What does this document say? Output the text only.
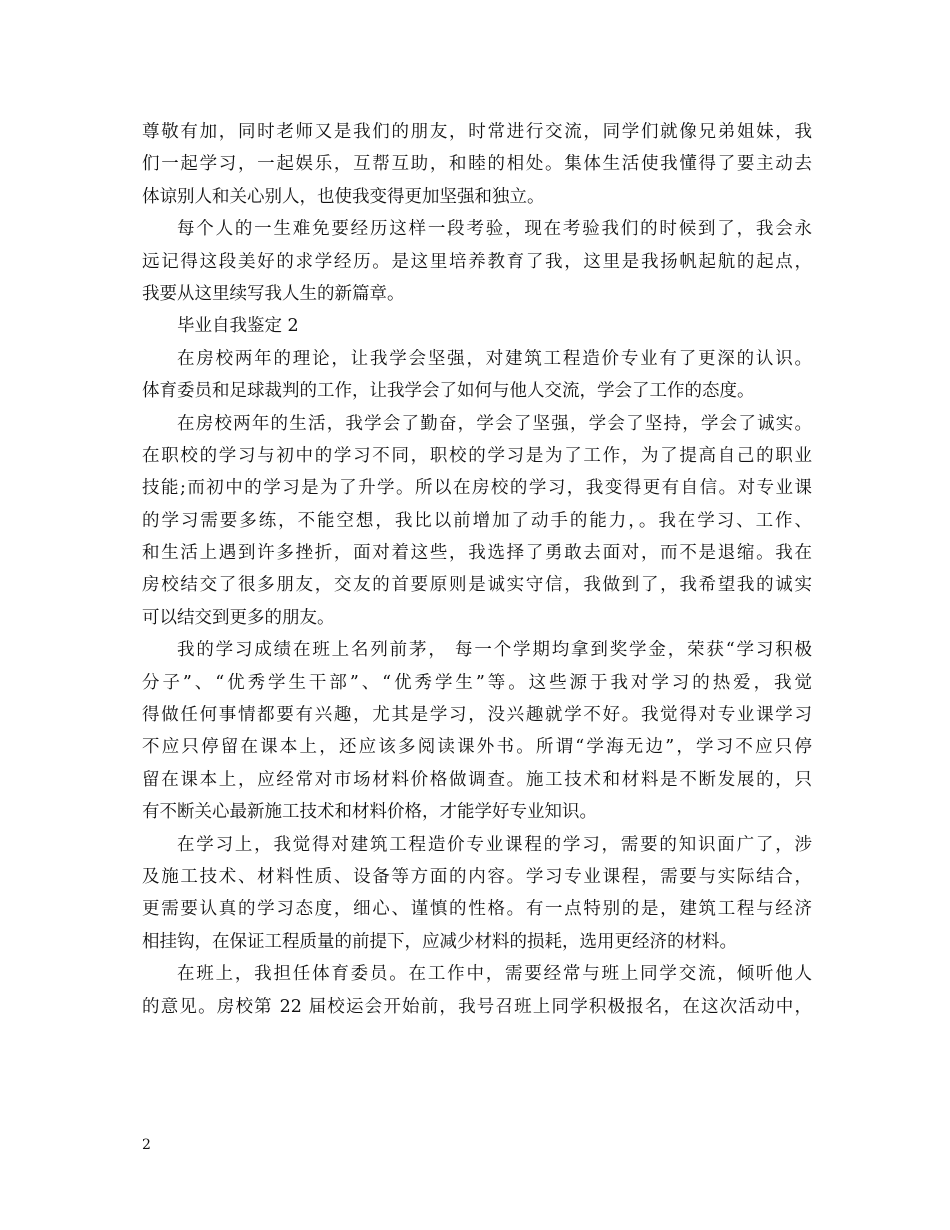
尊敬有加，同时老师又是我们的朋友，时常进行交流，同学们就像兄弟姐妹，我
们一起学习，一起娱乐，互帮互助，和睦的相处。集体生活使我懂得了要主动去
体谅别人和关心别人，也使我变得更加坚强和独立。
每个人的一生难免要经历这样一段考验，现在考验我们的时候到了，我会永
远记得这段美好的求学经历。是这里培养教育了我，这里是我扬帆起航的起点，
我要从这里续写我人生的新篇章。
毕业自我鉴定 2
在房校两年的理论，让我学会坚强，对建筑工程造价专业有了更深的认识。
体育委员和足球裁判的工作，让我学会了如何与他人交流，学会了工作的态度。
在房校两年的生活，我学会了勤奋，学会了坚强，学会了坚持，学会了诚实。
在职校的学习与初中的学习不同，职校的学习是为了工作，为了提高自己的职业
技能;而初中的学习是为了升学。所以在房校的学习，我变得更有自信。对专业课
的学习需要多练，不能空想，我比以前增加了动手的能力，。我在学习、工作、
和生活上遇到许多挫折，面对着这些，我选择了勇敢去面对，而不是退缩。我在
房校结交了很多朋友，交友的首要原则是诚实守信，我做到了，我希望我的诚实
可以结交到更多的朋友。
我的学习成绩在班上名列前茅， 每一个学期均拿到奖学金，荣获“学习积极
分子”、“优秀学生干部”、“优秀学生”等。这些源于我对学习的热爱，我觉
得做任何事情都要有兴趣，尤其是学习，没兴趣就学不好。我觉得对专业课学习
不应只停留在课本上，还应该多阅读课外书。所谓“学海无边”，学习不应只停
留在课本上，应经常对市场材料价格做调查。施工技术和材料是不断发展的，只
有不断关心最新施工技术和材料价格，才能学好专业知识。
在学习上，我觉得对建筑工程造价专业课程的学习，需要的知识面广了，涉
及施工技术、材料性质、设备等方面的内容。学习专业课程，需要与实际结合，
更需要认真的学习态度，细心、谨慎的性格。有一点特别的是，建筑工程与经济
相挂钩，在保证工程质量的前提下，应减少材料的损耗，选用更经济的材料。
在班上，我担任体育委员。在工作中，需要经常与班上同学交流，倾听他人
的意见。房校第 22 届校运会开始前，我号召班上同学积极报名，在这次活动中，
2
